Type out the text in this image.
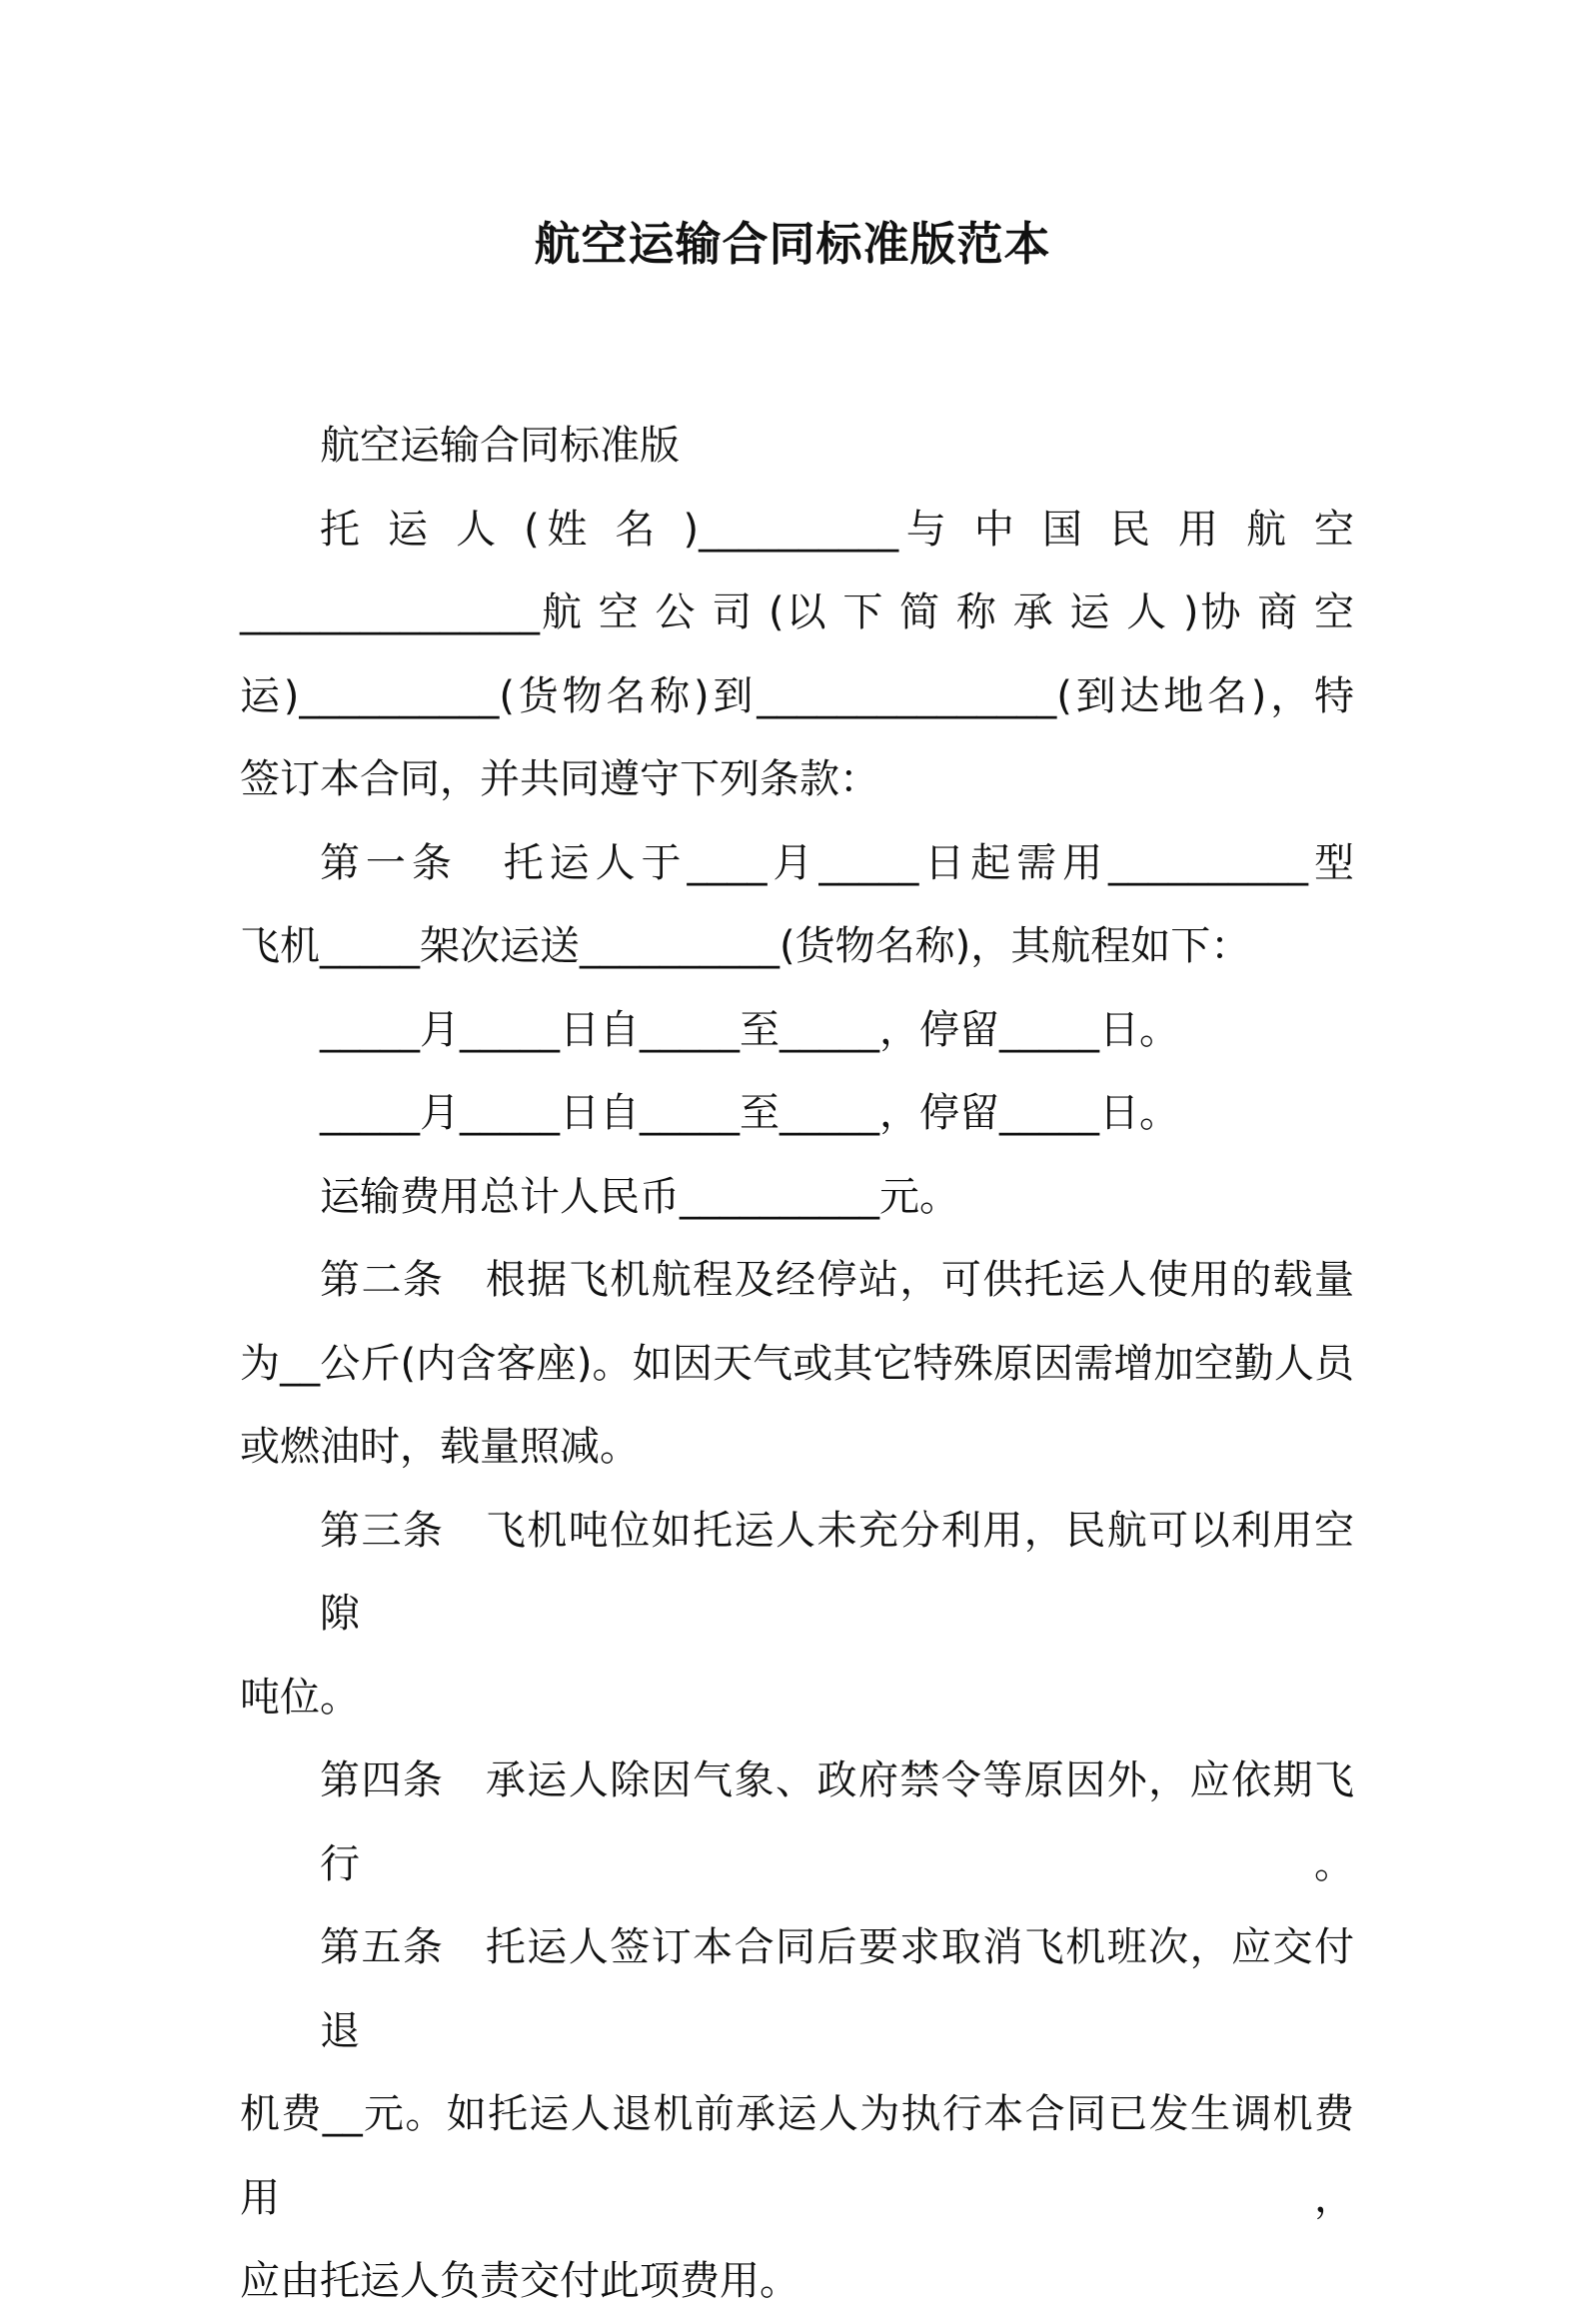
航空运输合同标准版范本

航空运输合同标准版

托 运 人 (姓 名 )__________与 中 国 民 用 航 空

_______________航 空 公 司 (以 下 简 称 承 运 人 )协 商 空

运)__________(货物名称)到_______________(到达地名)，特

签订本合同，并共同遵守下列条款：

第一条　托运人于____月_____日起需用__________型

飞机_____架次运送__________(货物名称)，其航程如下：

_____月_____日自_____至_____，停留_____日。

_____月_____日自_____至_____，停留_____日。

运输费用总计人民币__________元。

第二条　根据飞机航程及经停站，可供托运人使用的载量

为__公斤(内含客座)。如因天气或其它特殊原因需增加空勤人员

或燃油时，载量照减。

第三条　飞机吨位如托运人未充分利用，民航可以利用空隙

吨位。

第四条　承运人除因气象、政府禁令等原因外，应依期飞行。

第五条　托运人签订本合同后要求取消飞机班次，应交付退

机费__元。如托运人退机前承运人为执行本合同已发生调机费用，

应由托运人负责交付此项费用。
